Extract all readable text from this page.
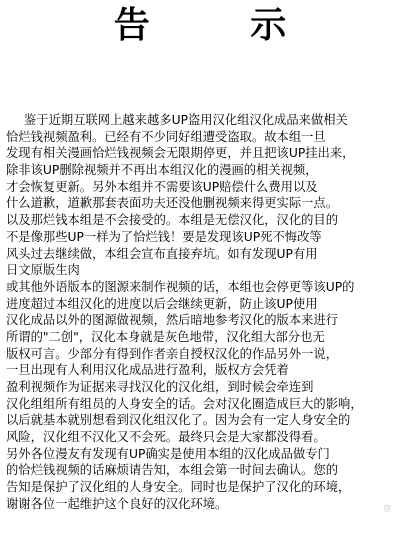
告 示
鉴于近期互联网上越来越多UP盗用汉化组汉化成品来做相关
恰烂钱视频盈利。已经有不少同好组遭受盗取。故本组一旦
发现有相关漫画恰烂钱视频会无限期停更，并且把该UP挂出来，
除非该UP删除视频并不再出本组汉化的漫画的相关视频，
才会恢复更新。另外本组并不需要该UP赔偿什么费用以及
什么道歉，道歉那套表面功夫还没他删视频来得更实际一点。
以及那烂钱本组是不会接受的。本组是无偿汉化，汉化的目的
不是像那些UP一样为了恰烂钱！要是发现该UP死不悔改等
风头过去继续做，本组会宣布直接弃坑。如有发现UP有用
日文原版生肉
或其他外语版本的图源来制作视频的话，本组也会停更等该UP的
进度超过本组汉化的进度以后会继续更新，防止该UP使用
汉化成品以外的图源做视频，然后暗地参考汉化的版本来进行
所谓的"二创"，汉化本身就是灰色地带，汉化组大部分也无
版权可言。少部分有得到作者亲自授权汉化的作品另外一说，
一旦出现有人利用汉化成品进行盈利，版权方会凭着
盈利视频作为证据来寻找汉化的汉化组，到时候会牵连到
汉化组组所有组员的人身安全的话。会对汉化圈造成巨大的影响，
以后就基本就别想看到汉化组汉化了。因为会有一定人身安全的
风险，汉化组不汉化又不会死。最终只会是大家都没得看。
另外各位漫友有发现有UP确实是使用本组的汉化成品做专门
的恰烂钱视频的话麻烦请告知，本组会第一时间去确认。您的
告知是保护了汉化组的人身安全。同时也是保护了汉化的环境，
谢谢各位一起维护这个良好的汉化环境。	章
